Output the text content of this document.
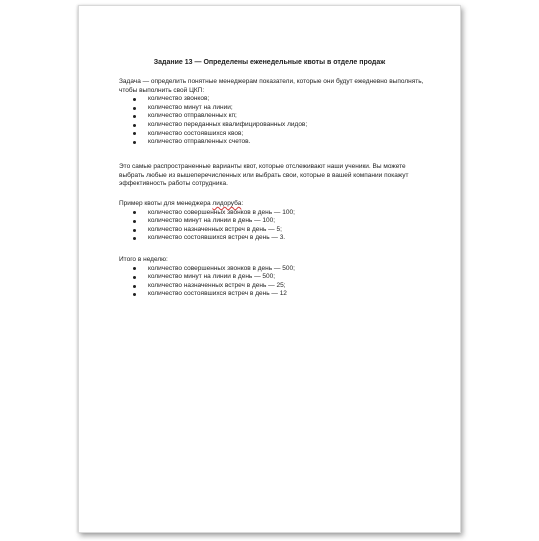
Задание 13 — Определены еженедельные квоты в отделе продаж

Задача — определить понятные менеджерам показатели, которые они будут ежедневно выполнять, чтобы выполнить свой ЦКП:

количество звонков;
количество минут на линии;
количество отправленных кп;
количество переданных квалифицированных лидов;
количество состоявшихся квов;
количество отправленных счетов.

Это самые распространенные варианты квот, которые отслеживают наши ученики. Вы можете выбрать любые из вышеперечисленных или выбрать свои, которые в вашей компании покажут эффективность работы сотрудника.

Пример квоты для менеджера лидоруба:

количество совершенных звонков в день — 100;
количество минут на линии в день — 100;
количество назначенных встреч в день — 5;
количество состоявшихся встреч в день — 3.

Итого в неделю:

количество совершенных звонков в день — 500;
количество минут на линии в день — 500;
количество назначенных встреч в день — 25;
количество состоявшихся встреч в день — 12
